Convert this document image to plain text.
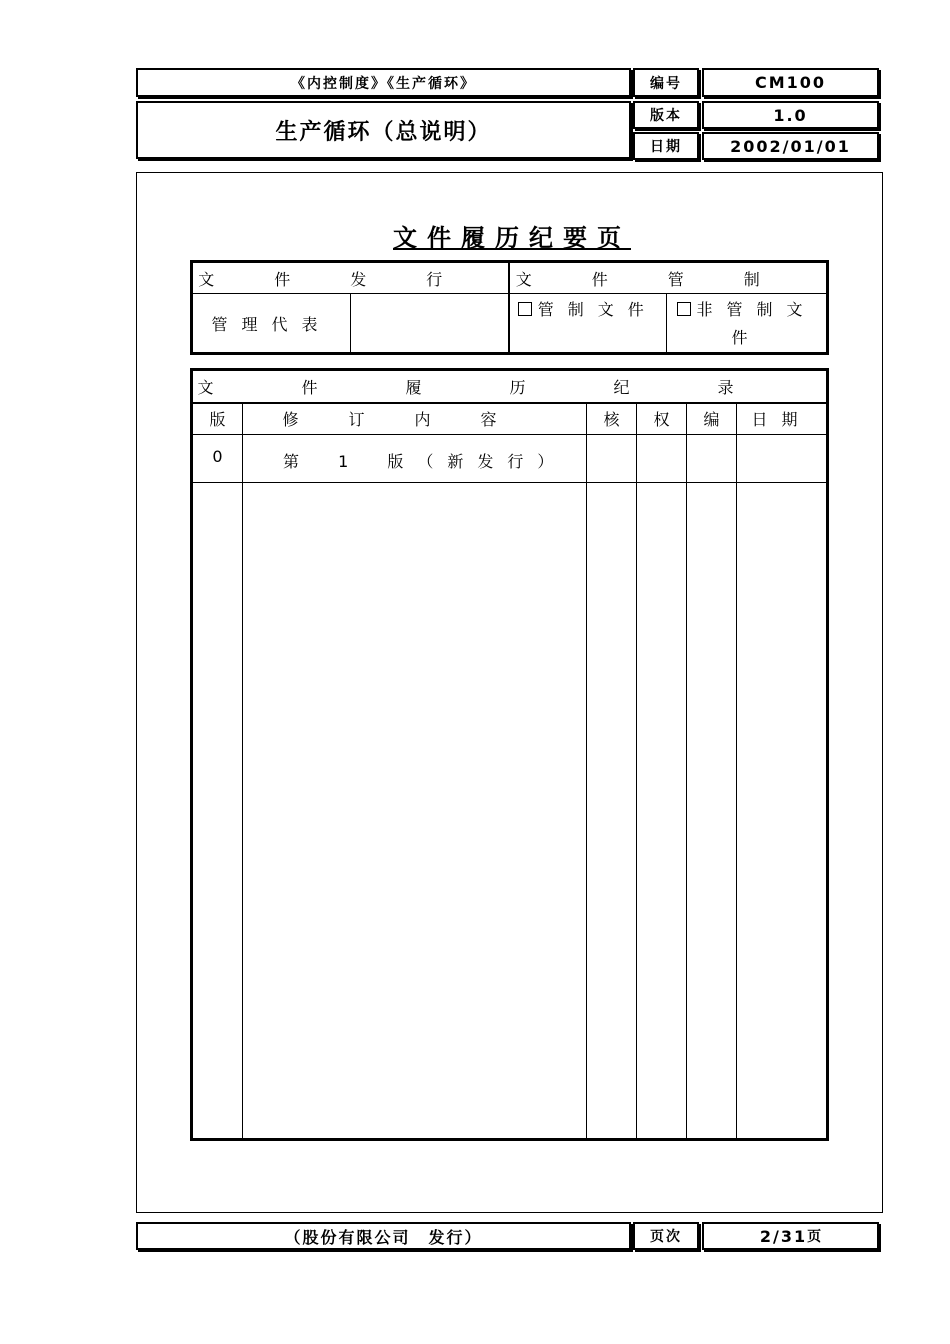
《内控制度》《生产循环》
生产循环（总说明）
编号	CM100
版本	1.0
日期	2002/01/01
文件履历纪要页
文件发行		文件管制	
管理代表		管制文件	非管制文件
文件履历纪录					
版	修订内容	核	权	编	日期
0	第 1 版（新发行）				

（股份有限公司　发行）	页次	2/31 页
